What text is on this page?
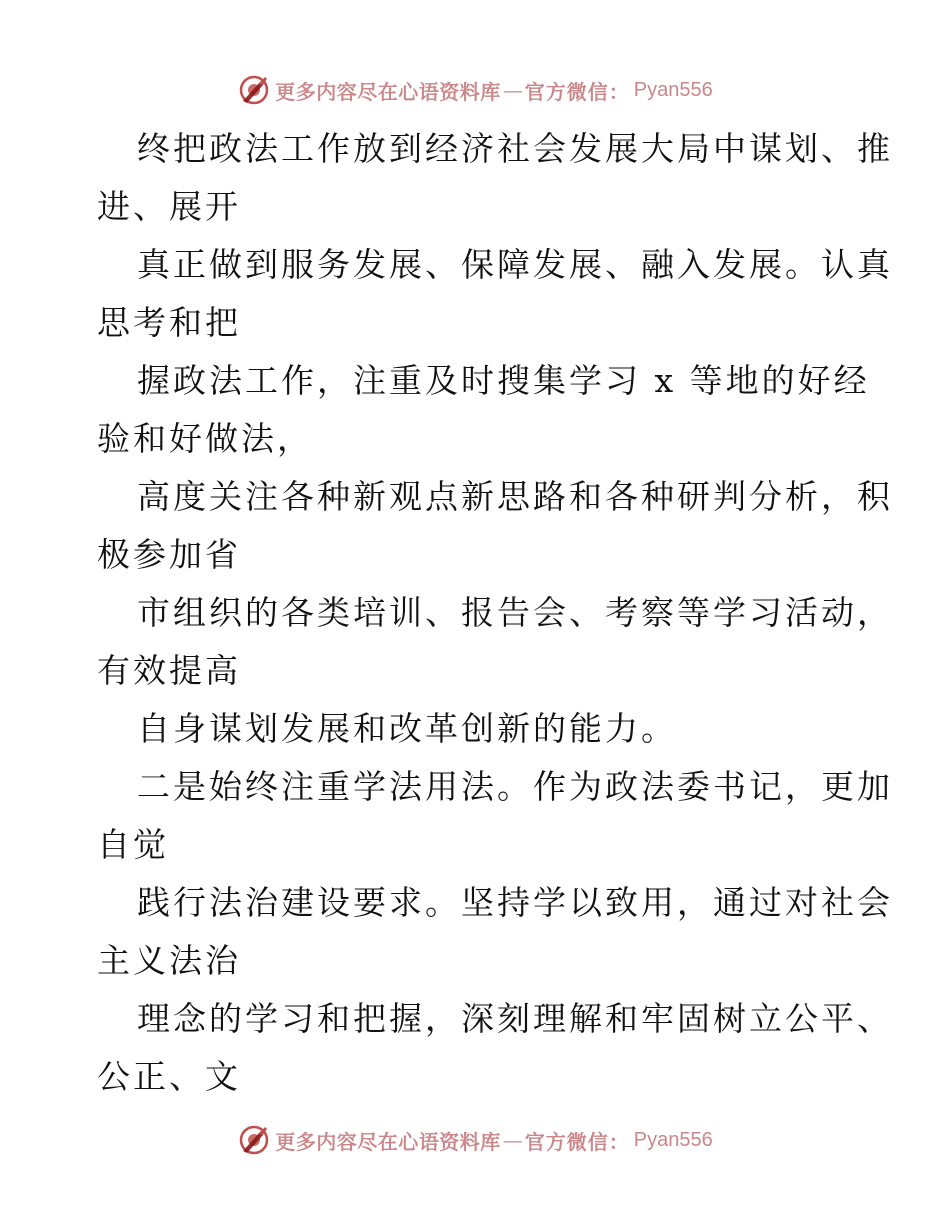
更多内容尽在心语资料库 — 官方微信： Pyan556
终把政法工作放到经济社会发展大局中谋划、推
进、展开
真正做到服务发展、保障发展、融入发展。认真
思考和把
握政法工作，注重及时搜集学习 x 等地的好经
验和好做法，
高度关注各种新观点新思路和各种研判分析，积
极参加省
市组织的各类培训、报告会、考察等学习活动，
有效提高
自身谋划发展和改革创新的能力。
二是始终注重学法用法。作为政法委书记，更加
自觉
践行法治建设要求。坚持学以致用，通过对社会
主义法治
理念的学习和把握，深刻理解和牢固树立公平、
公正、文
更多内容尽在心语资料库 — 官方微信： Pyan556
